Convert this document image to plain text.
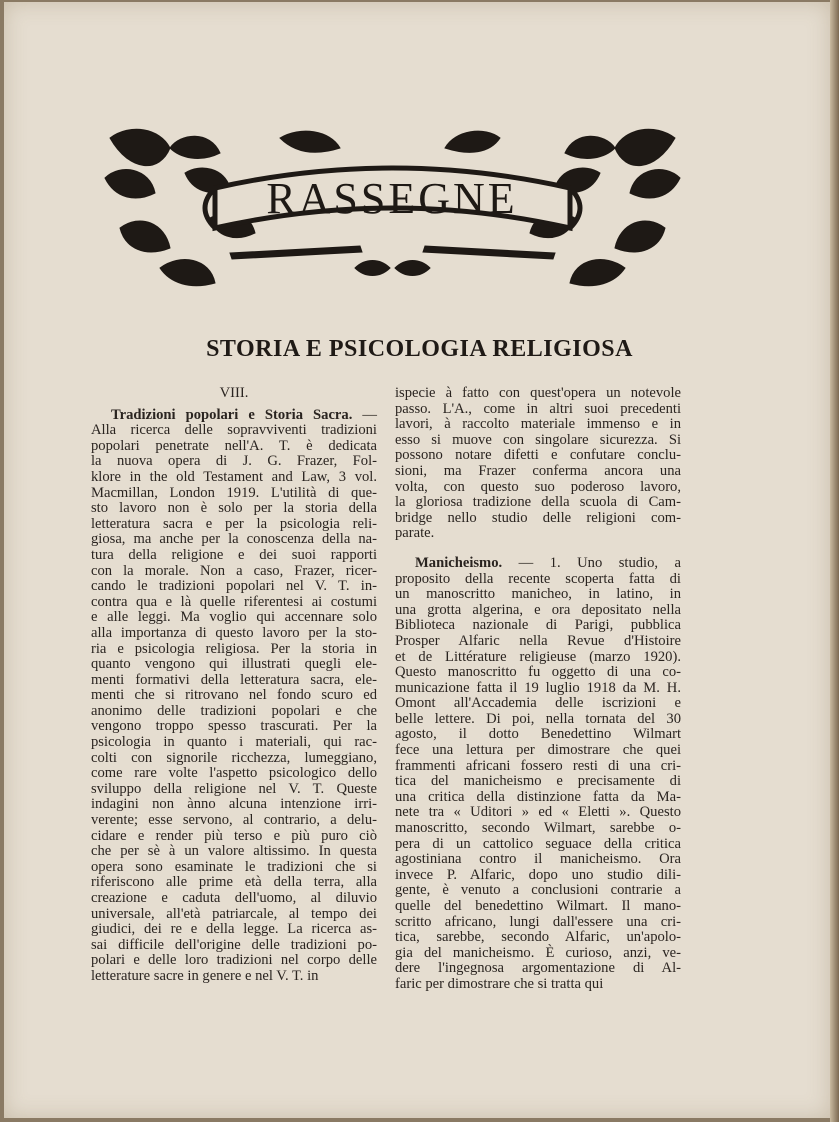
RASSEGNE
STORIA E PSICOLOGIA RELIGIOSA
VIII.
Tradizioni popolari e Storia Sacra. —
Alla ricerca delle sopravviventi tradizioni
popolari penetrate nell'A. T. è dedicata
la nuova opera di J. G. Frazer, Fol-
klore in the old Testament and Law, 3 vol.
Macmillan, London 1919. L'utilità di que-
sto lavoro non è solo per la storia della
letteratura sacra e per la psicologia reli-
giosa, ma anche per la conoscenza della na-
tura della religione e dei suoi rapporti
con la morale. Non a caso, Frazer, ricer-
cando le tradizioni popolari nel V. T. in-
contra qua e là quelle riferentesi ai costumi
e alle leggi. Ma voglio qui accennare solo
alla importanza di questo lavoro per la sto-
ria e psicologia religiosa. Per la storia in
quanto vengono qui illustrati quegli ele-
menti formativi della letteratura sacra, ele-
menti che si ritrovano nel fondo scuro ed
anonimo delle tradizioni popolari e che
vengono troppo spesso trascurati. Per la
psicologia in quanto i materiali, qui rac-
colti con signorile ricchezza, lumeggiano,
come rare volte l'aspetto psicologico dello
sviluppo della religione nel V. T. Queste
indagini non ànno alcuna intenzione irri-
verente; esse servono, al contrario, a delu-
cidare e render più terso e più puro ciò
che per sè à un valore altissimo. In questa
opera sono esaminate le tradizioni che si
riferiscono alle prime età della terra, alla
creazione e caduta dell'uomo, al diluvio
universale, all'età patriarcale, al tempo dei
giudici, dei re e della legge. La ricerca as-
sai difficile dell'origine delle tradizioni po-
polari e delle loro tradizioni nel corpo delle
letterature sacre in genere e nel V. T. in
ispecie à fatto con quest'opera un notevole
passo. L'A., come in altri suoi precedenti
lavori, à raccolto materiale immenso e in
esso si muove con singolare sicurezza. Si
possono notare difetti e confutare conclu-
sioni, ma Frazer conferma ancora una
volta, con questo suo poderoso lavoro,
la gloriosa tradizione della scuola di Cam-
bridge nello studio delle religioni com-
parate.
Manicheismo. — 1. Uno studio, a
proposito della recente scoperta fatta di
un manoscritto manicheo, in latino, in
una grotta algerina, e ora depositato nella
Biblioteca nazionale di Parigi, pubblica
Prosper Alfaric nella Revue d'Histoire
et de Littérature religieuse (marzo 1920).
Questo manoscritto fu oggetto di una co-
municazione fatta il 19 luglio 1918 da M. H.
Omont all'Accademia delle iscrizioni e
belle lettere. Di poi, nella tornata del 30
agosto, il dotto Benedettino Wilmart
fece una lettura per dimostrare che quei
frammenti africani fossero resti di una cri-
tica del manicheismo e precisamente di
una critica della distinzione fatta da Ma-
nete tra « Uditori » ed « Eletti ». Questo
manoscritto, secondo Wilmart, sarebbe o-
pera di un cattolico seguace della critica
agostiniana contro il manicheismo. Ora
invece P. Alfaric, dopo uno studio dili-
gente, è venuto a conclusioni contrarie a
quelle del benedettino Wilmart. Il mano-
scritto africano, lungi dall'essere una cri-
tica, sarebbe, secondo Alfaric, un'apolo-
gia del manicheismo. È curioso, anzi, ve-
dere l'ingegnosa argomentazione di Al-
faric per dimostrare che si tratta qui
